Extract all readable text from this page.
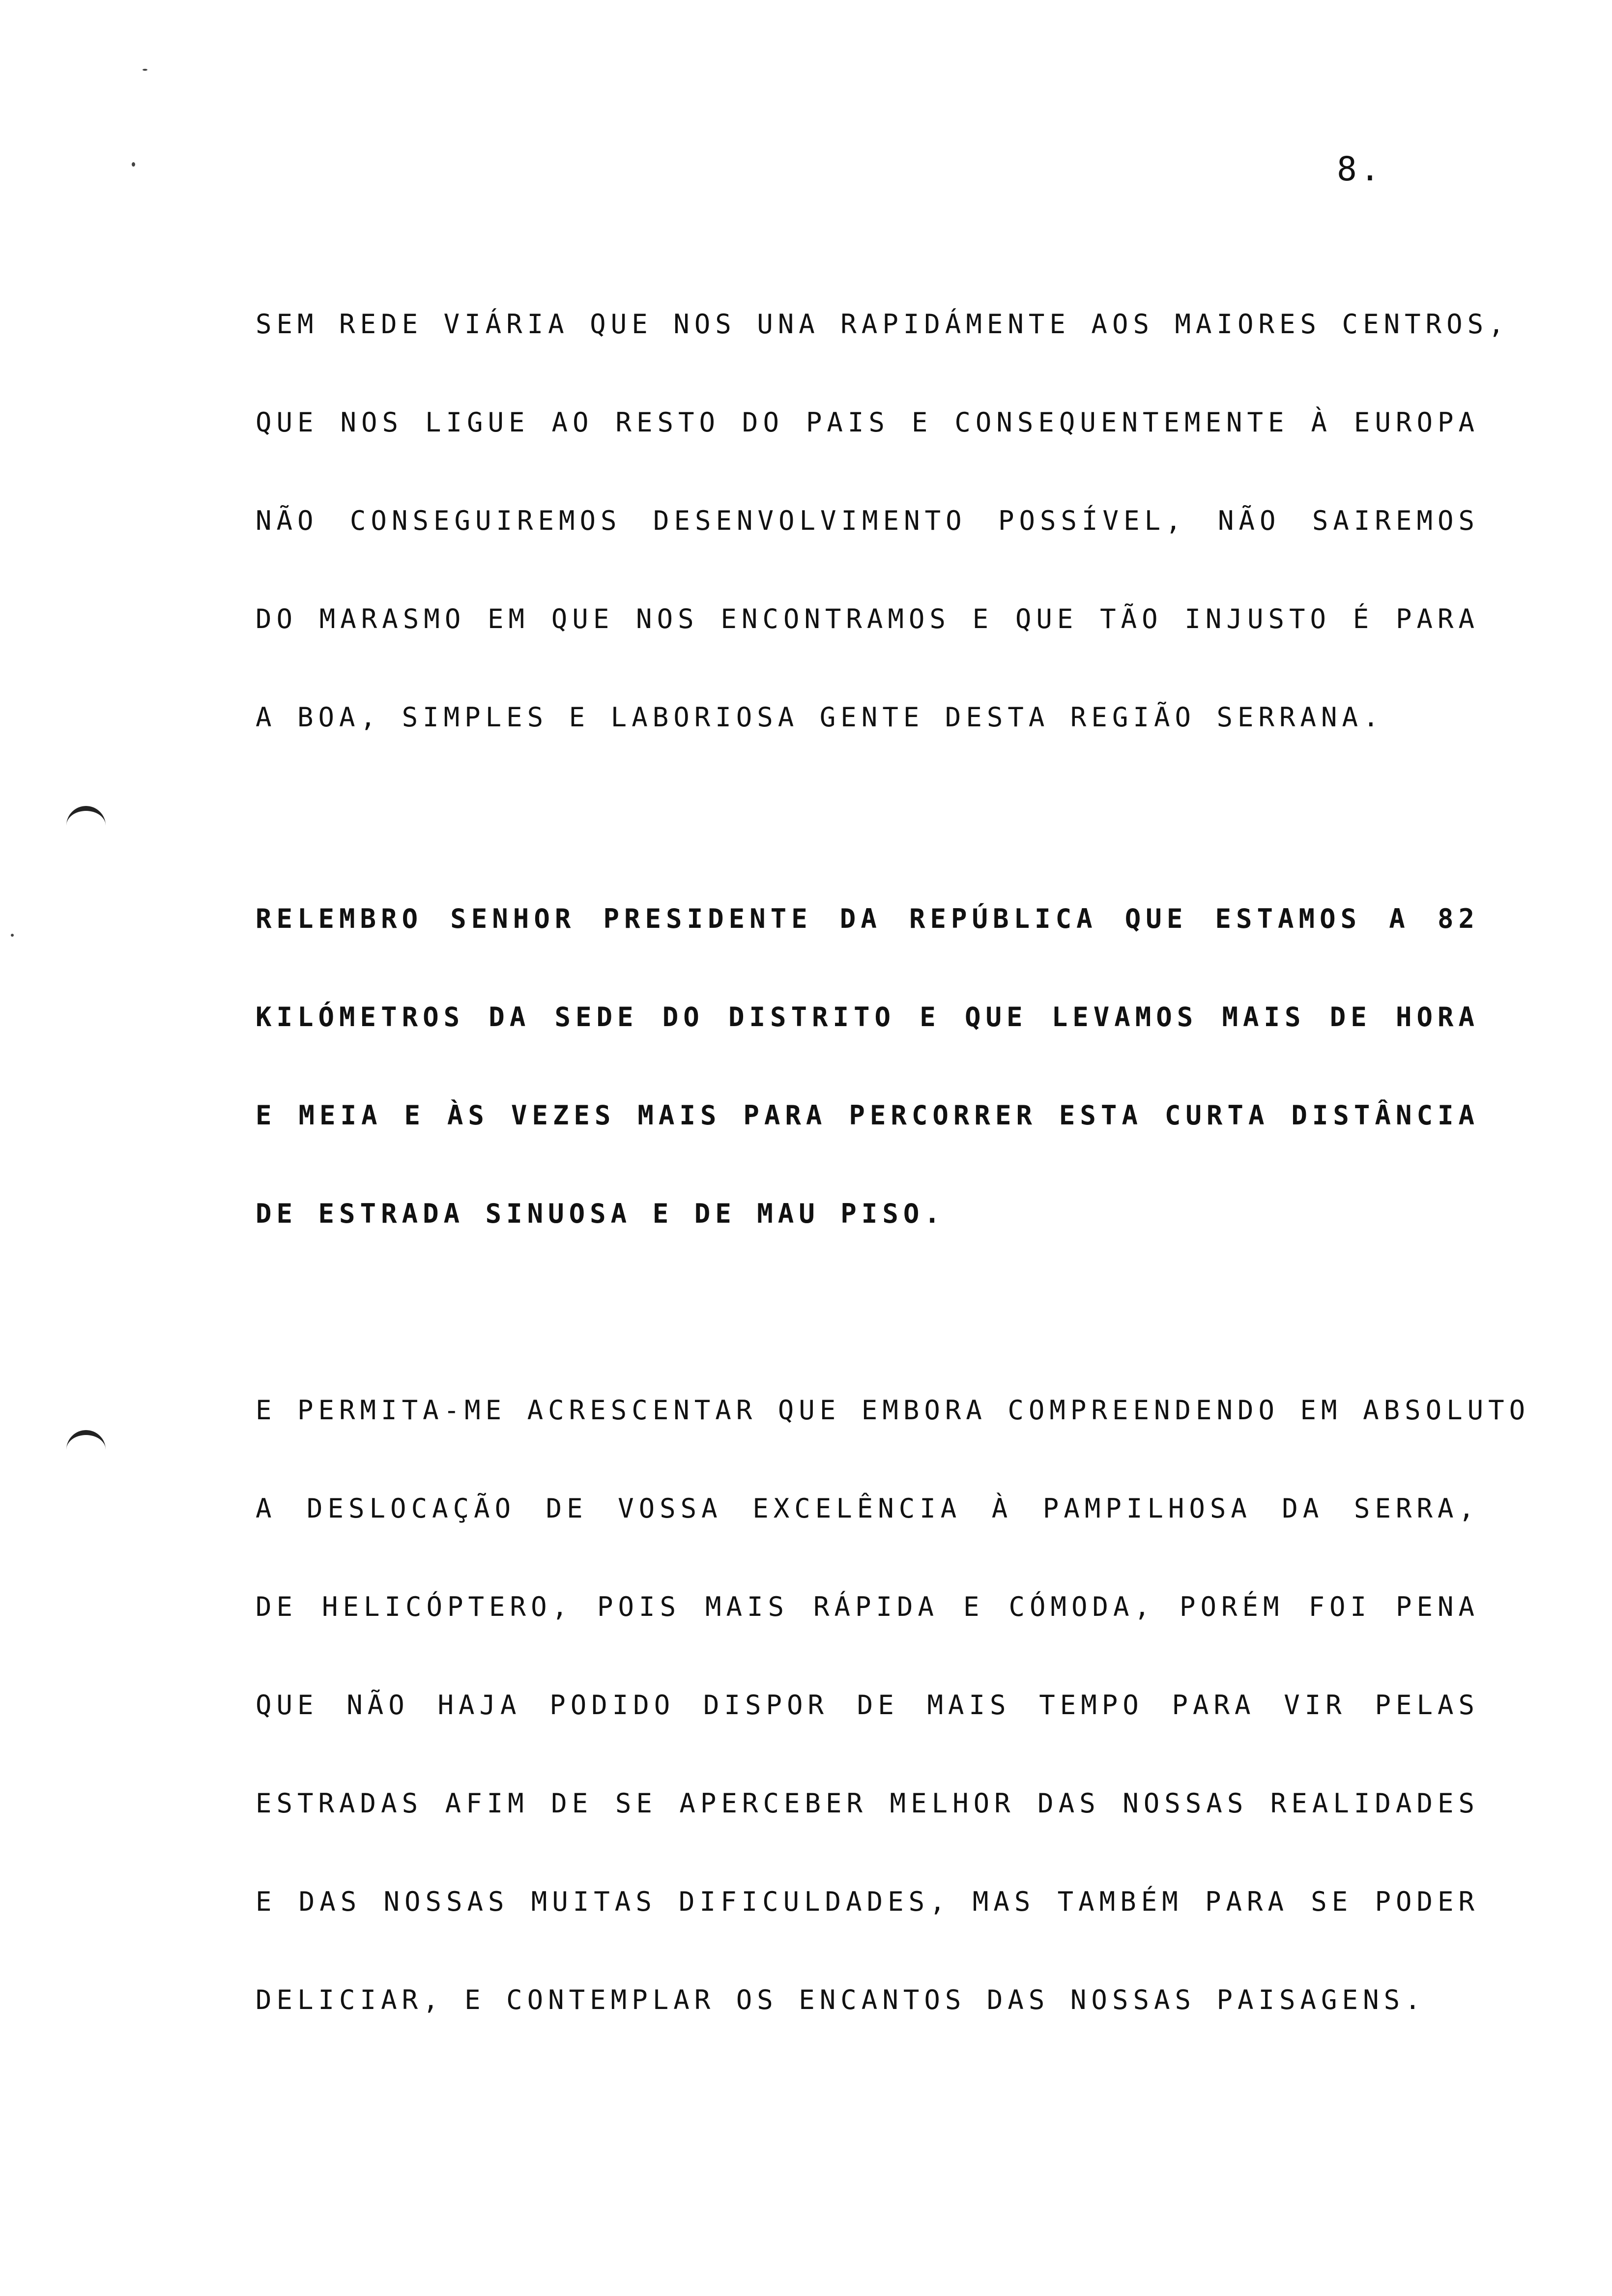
8.
SEM REDE VIÁRIA QUE NOS UNA RAPIDÁMENTE AOS MAIORES CENTROS,
QUE NOS LIGUE AO RESTO DO PAIS E CONSEQUENTEMENTE À EUROPA
NÃO CONSEGUIREMOS DESENVOLVIMENTO POSSÍVEL, NÃO SAIREMOS
DO MARASMO EM QUE NOS ENCONTRAMOS E QUE TÃO INJUSTO É PARA
A BOA, SIMPLES E LABORIOSA GENTE DESTA REGIÃO SERRANA.
RELEMBRO SENHOR PRESIDENTE DA REPÚBLICA QUE ESTAMOS A 82
KILÓMETROS DA SEDE DO DISTRITO E QUE LEVAMOS MAIS DE HORA
E MEIA E ÀS VEZES MAIS PARA PERCORRER ESTA CURTA DISTÂNCIA
DE ESTRADA SINUOSA E DE MAU PISO.
E PERMITA-ME ACRESCENTAR QUE EMBORA COMPREENDENDO EM ABSOLUTO
A DESLOCAÇÃO DE VOSSA EXCELÊNCIA À PAMPILHOSA DA SERRA,
DE HELICÓPTERO, POIS MAIS RÁPIDA E CÓMODA, PORÉM FOI PENA
QUE NÃO HAJA PODIDO DISPOR DE MAIS TEMPO PARA VIR PELAS
ESTRADAS AFIM DE SE APERCEBER MELHOR DAS NOSSAS REALIDADES
E DAS NOSSAS MUITAS DIFICULDADES, MAS TAMBÉM PARA SE PODER
DELICIAR, E CONTEMPLAR OS ENCANTOS DAS NOSSAS PAISAGENS.
